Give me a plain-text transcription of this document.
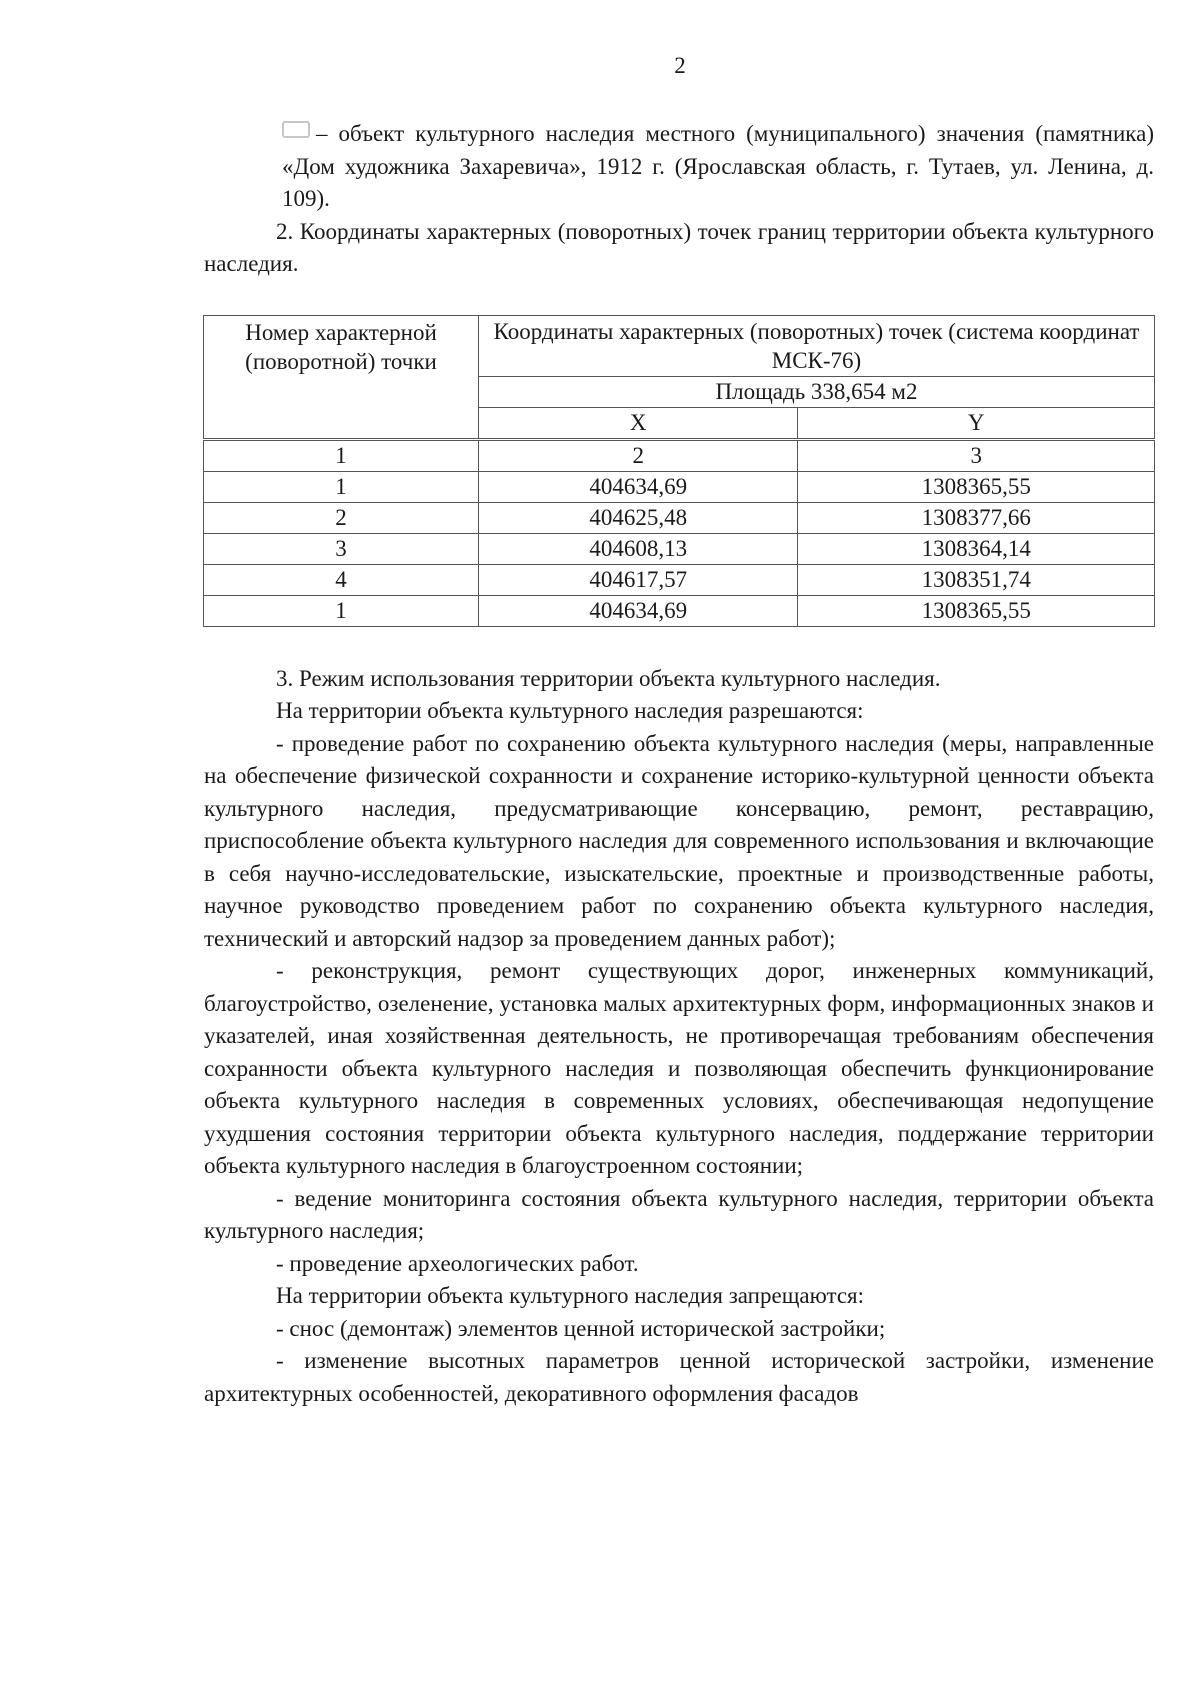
2

– объект культурного наследия местного (муниципального) значения (памятника) «Дом художника Захаревича», 1912 г. (Ярославская область, г. Тутаев, ул. Ленина, д. 109).

2. Координаты характерных (поворотных) точек границ территории объекта культурного наследия.

Номер характерной (поворотной) точки	Координаты характерных (поворотных) точек (система координат МСК-76)	
	Площадь 338,654 м2	
	X	Y
1	2	3
1	404634,69	1308365,55
2	404625,48	1308377,66
3	404608,13	1308364,14
4	404617,57	1308351,74
1	404634,69	1308365,55

3. Режим использования территории объекта культурного наследия.

На территории объекта культурного наследия разрешаются:

- проведение работ по сохранению объекта культурного наследия (меры, направленные на обеспечение физической сохранности и сохранение историко-культурной ценности объекта культурного наследия, предусматривающие консервацию, ремонт, реставрацию, приспособление объекта культурного наследия для современного использования и включающие в себя научно-исследовательские, изыскательские, проектные и производственные работы, научное руководство проведением работ по сохранению объекта культурного наследия, технический и авторский надзор за проведением данных работ);

- реконструкция, ремонт существующих дорог, инженерных коммуникаций, благоустройство, озеленение, установка малых архитектурных форм, информационных знаков и указателей, иная хозяйственная деятельность, не противоречащая требованиям обеспечения сохранности объекта культурного наследия и позволяющая обеспечить функционирование объекта культурного наследия в современных условиях, обеспечивающая недопущение ухудшения состояния территории объекта культурного наследия, поддержание территории объекта культурного наследия в благоустроенном состоянии;

- ведение мониторинга состояния объекта культурного наследия, территории объекта культурного наследия;

- проведение археологических работ.

На территории объекта культурного наследия запрещаются:

- снос (демонтаж) элементов ценной исторической застройки;

- изменение высотных параметров ценной исторической застройки, изменение архитектурных особенностей, декоративного оформления фасадов
